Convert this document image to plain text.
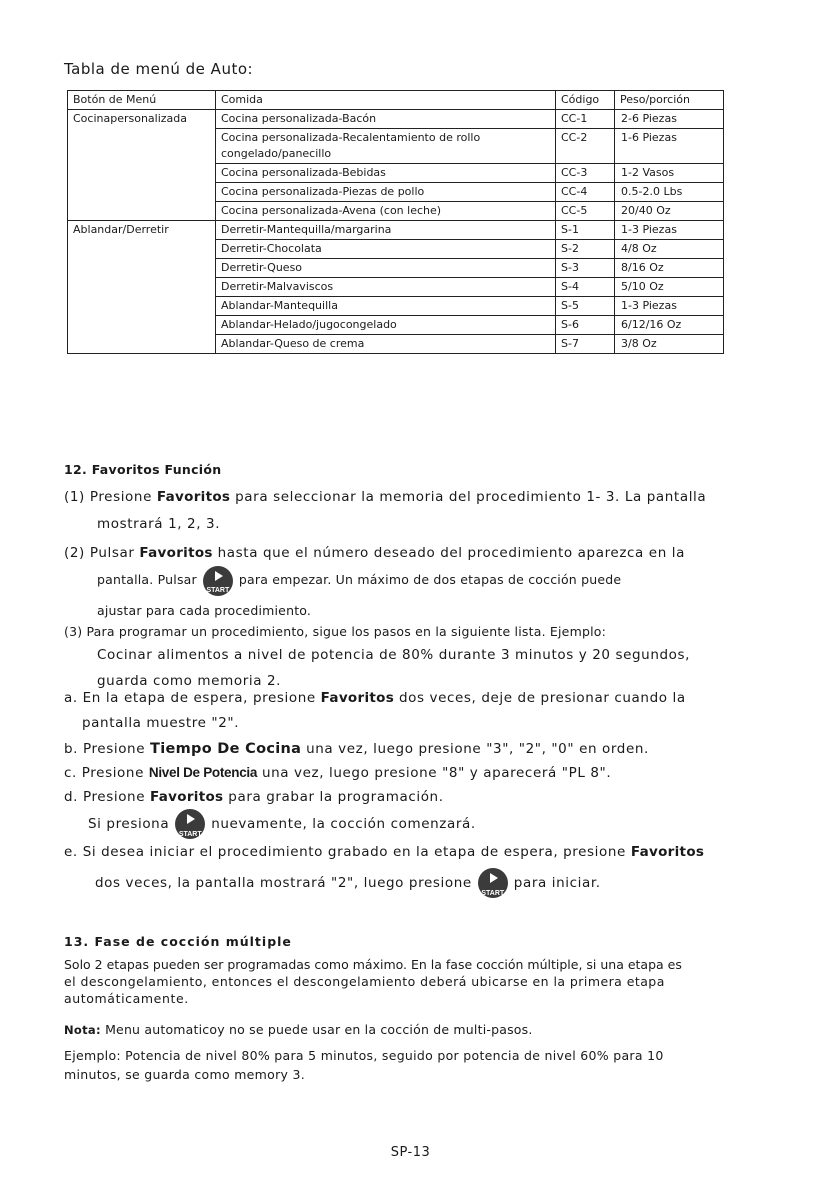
Tabla de menú de Auto:
Botón de Menú	Comida	Código	Peso/porción
Cocinapersonalizada	Cocina personalizada-Bacón	CC-1	2-6 Piezas
	Cocina personalizada-Recalentamiento de rollo congelado/panecillo	CC-2	1-6 Piezas
	Cocina personalizada-Bebidas	CC-3	1-2 Vasos
	Cocina personalizada-Piezas de pollo	CC-4	0.5-2.0 Lbs
	Cocina personalizada-Avena (con leche)	CC-5	20/40 Oz
Ablandar/Derretir	Derretir-Mantequilla/margarina	S-1	1-3 Piezas
	Derretir-Chocolata	S-2	4/8 Oz
	Derretir-Queso	S-3	8/16 Oz
	Derretir-Malvaviscos	S-4	5/10 Oz
	Ablandar-Mantequilla	S-5	1-3 Piezas
	Ablandar-Helado/jugocongelado	S-6	6/12/16 Oz
	Ablandar-Queso de crema	S-7	3/8 Oz
12. Favoritos Función
(1) Presione Favoritos para seleccionar la memoria del procedimiento 1- 3. La pantalla
mostrará 1, 2, 3.
(2) Pulsar Favoritos hasta que el número deseado del procedimiento aparezca en la
pantalla. Pulsar
START
para empezar. Un máximo de dos etapas de cocción puede
ajustar para cada procedimiento.
(3) Para programar un procedimiento, sigue los pasos en la siguiente lista. Ejemplo:
Cocinar alimentos a nivel de potencia de 80% durante 3 minutos y 20 segundos,
guarda como memoria 2.
a. En la etapa de espera, presione Favoritos dos veces, deje de presionar cuando la
pantalla muestre "2".
b. Presione Tiempo De Cocina una vez, luego presione "3", "2", "0" en orden.
c. Presione Nivel De Potencia una vez, luego presione "8" y aparecerá "PL 8".
d. Presione Favoritos para grabar la programación.
Si presiona
START
nuevamente, la cocción comenzará.
e. Si desea iniciar el procedimiento grabado en la etapa de espera, presione Favoritos
dos veces, la pantalla mostrará "2", luego presione
START
para iniciar.
13. Fase de cocción múltiple
Solo 2 etapas pueden ser programadas como máximo. En la fase cocción múltiple, si una etapa es
el descongelamiento, entonces el descongelamiento deberá ubicarse en la primera etapa
automáticamente.
Nota: Menu automaticoy no se puede usar en la cocción de multi-pasos.
Ejemplo: Potencia de nivel 80% para 5 minutos, seguido por potencia de nivel 60% para 10
minutos, se guarda como memory 3.
SP-13
